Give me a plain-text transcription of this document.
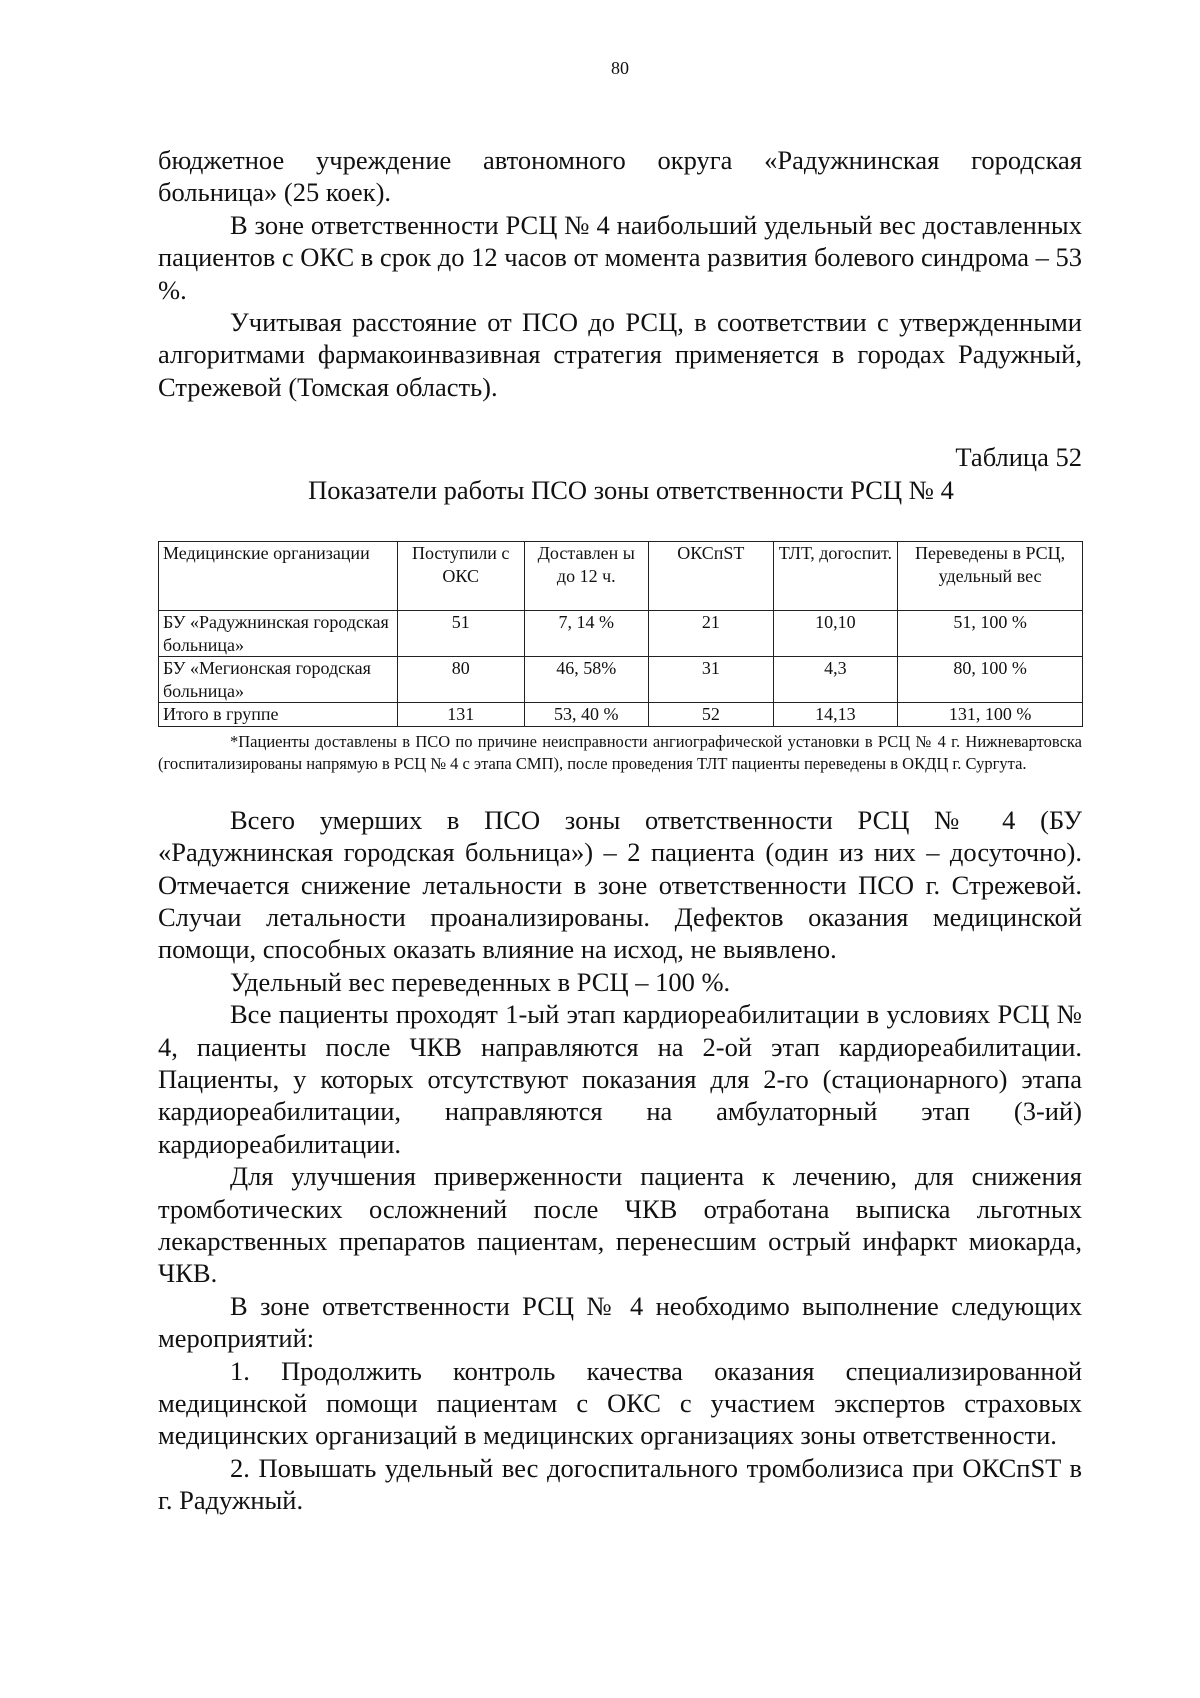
80

бюджетное учреждение автономного округа «Радужнинская городская больница» (25 коек).

В зоне ответственности РСЦ № 4 наибольший удельный вес доставленных пациентов с ОКС в срок до 12 часов от момента развития болевого синдрома – 53 %.

Учитывая расстояние от ПСО до РСЦ, в соответствии с утвержденными алгоритмами фармакоинвазивная стратегия применяется в городах Радужный, Стрежевой (Томская область).

Таблица 52
Показатели работы ПСО зоны ответственности РСЦ № 4
Медицинские организации	Поступили с ОКС	Доставлен ы до 12 ч.	ОКСпST	ТЛТ, догоспит.	Переведены в РСЦ, удельный вес
БУ «Радужнинская городская больница»	51	7, 14 %	21	10,10	51, 100 %
БУ «Мегионская городская больница»	80	46, 58%	31	4,3	80, 100 %
Итого в группе	131	53, 40 %	52	14,13	131, 100 %
*Пациенты доставлены в ПСО по причине неисправности ангиографической установки в РСЦ № 4 г. Нижневартовска (госпитализированы напрямую в РСЦ № 4 с этапа СМП), после проведения ТЛТ пациенты переведены в ОКДЦ г. Сургута.

Всего умерших в ПСО зоны ответственности РСЦ № 4 (БУ «Радужнинская городская больница») – 2 пациента (один из них – досуточно). Отмечается снижение летальности в зоне ответственности ПСО г. Стрежевой. Случаи летальности проанализированы. Дефектов оказания медицинской помощи, способных оказать влияние на исход, не выявлено.

Удельный вес переведенных в РСЦ – 100 %.

Все пациенты проходят 1-ый этап кардиореабилитации в условиях РСЦ № 4, пациенты после ЧКВ направляются на 2-ой этап кардиореабилитации. Пациенты, у которых отсутствуют показания для 2-го (стационарного) этапа кардиореабилитации, направляются на амбулаторный этап (3-ий) кардиореабилитации.

Для улучшения приверженности пациента к лечению, для снижения тромботических осложнений после ЧКВ отработана выписка льготных лекарственных препаратов пациентам, перенесшим острый инфаркт миокарда, ЧКВ.

В зоне ответственности РСЦ № 4 необходимо выполнение следующих мероприятий:

1. Продолжить контроль качества оказания специализированной медицинской помощи пациентам с ОКС с участием экспертов страховых медицинских организаций в медицинских организациях зоны ответственности.

2. Повышать удельный вес догоспитального тромболизиса при ОКСпST в г. Радужный.
